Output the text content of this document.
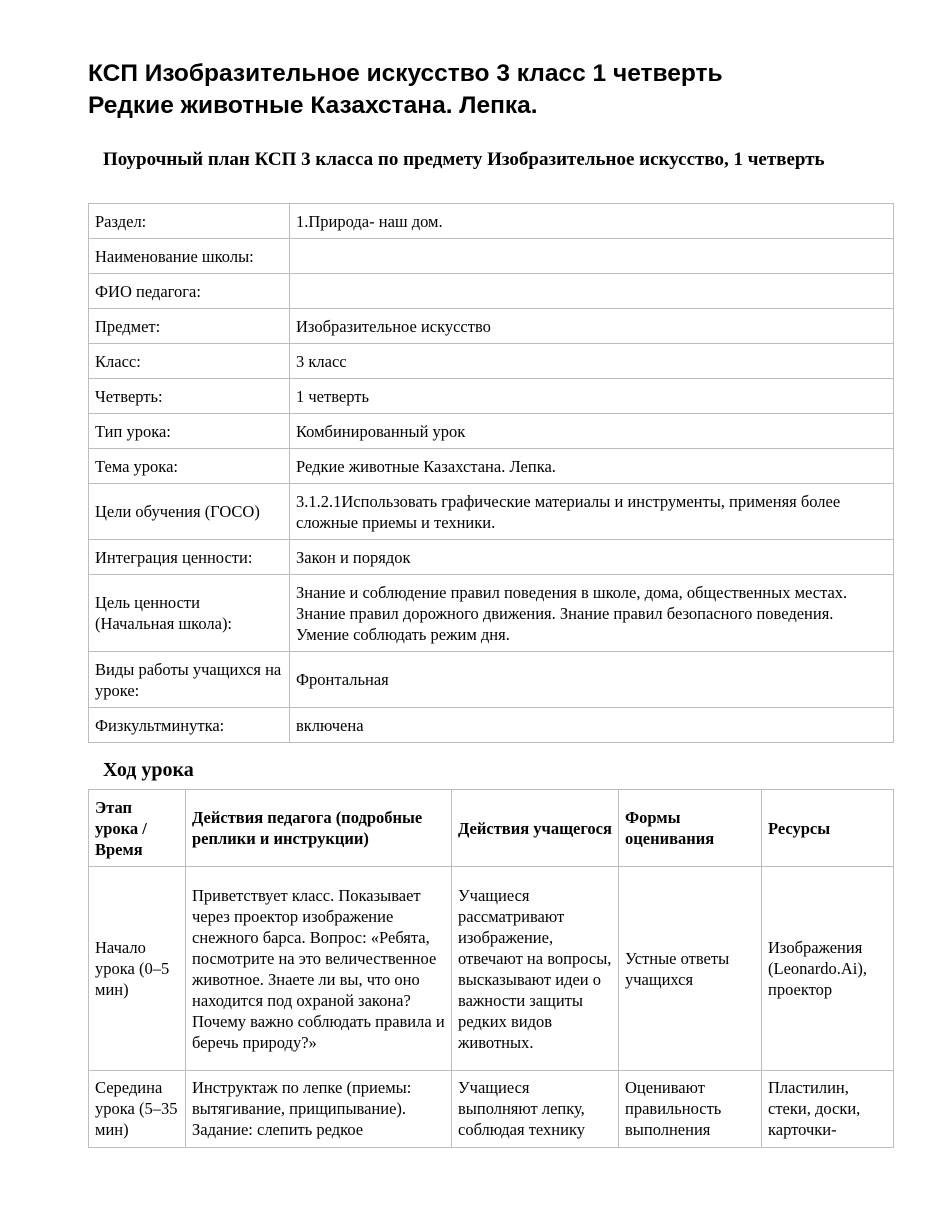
КСП Изобразительное искусство 3 класс 1 четверть
Редкие животные Казахстана. Лепка.
Поурочный план КСП 3 класса по предмету Изобразительное искусство, 1 четверть
Раздел:	1.Природа- наш дом.
Наименование школы:	
ФИО педагога:	
Предмет:	Изобразительное искусство
Класс:	3 класс
Четверть:	1 четверть
Тип урока:	Комбинированный урок
Тема урока:	Редкие животные Казахстана. Лепка.
Цели обучения (ГОСО)	3.1.2.1Использовать графические материалы и инструменты, применяя более сложные приемы и техники.
Интеграция ценности:	Закон и порядок
Цель ценности (Начальная школа):	Знание и соблюдение правил поведения в школе, дома, общественных местах. Знание правил дорожного движения. Знание правил безопасного поведения. Умение соблюдать режим дня.
Виды работы учащихся на уроке:	Фронтальная
Физкультминутка:	включена
Ход урока
Этап урока / Время	Действия педагога (подробные реплики и инструкции)	Действия учащегося	Формы оценивания	Ресурсы
Начало урока (0–5 мин)	Приветствует класс. Показывает через проектор изображение снежного барса. Вопрос: «Ребята, посмотрите на это величественное животное. Знаете ли вы, что оно находится под охраной закона? Почему важно соблюдать правила и беречь природу?»	Учащиеся рассматривают изображение, отвечают на вопросы, высказывают идеи о важности защиты редких видов животных.	Устные ответы учащихся	Изображения (Leonardo.Ai), проектор
Середина урока (5–35 мин)	Инструктаж по лепке (приемы: вытягивание, прищипывание). Задание: слепить редкое	Учащиеся выполняют лепку, соблюдая технику	Оценивают правильность выполнения	Пластилин, стеки, доски, карточки-
